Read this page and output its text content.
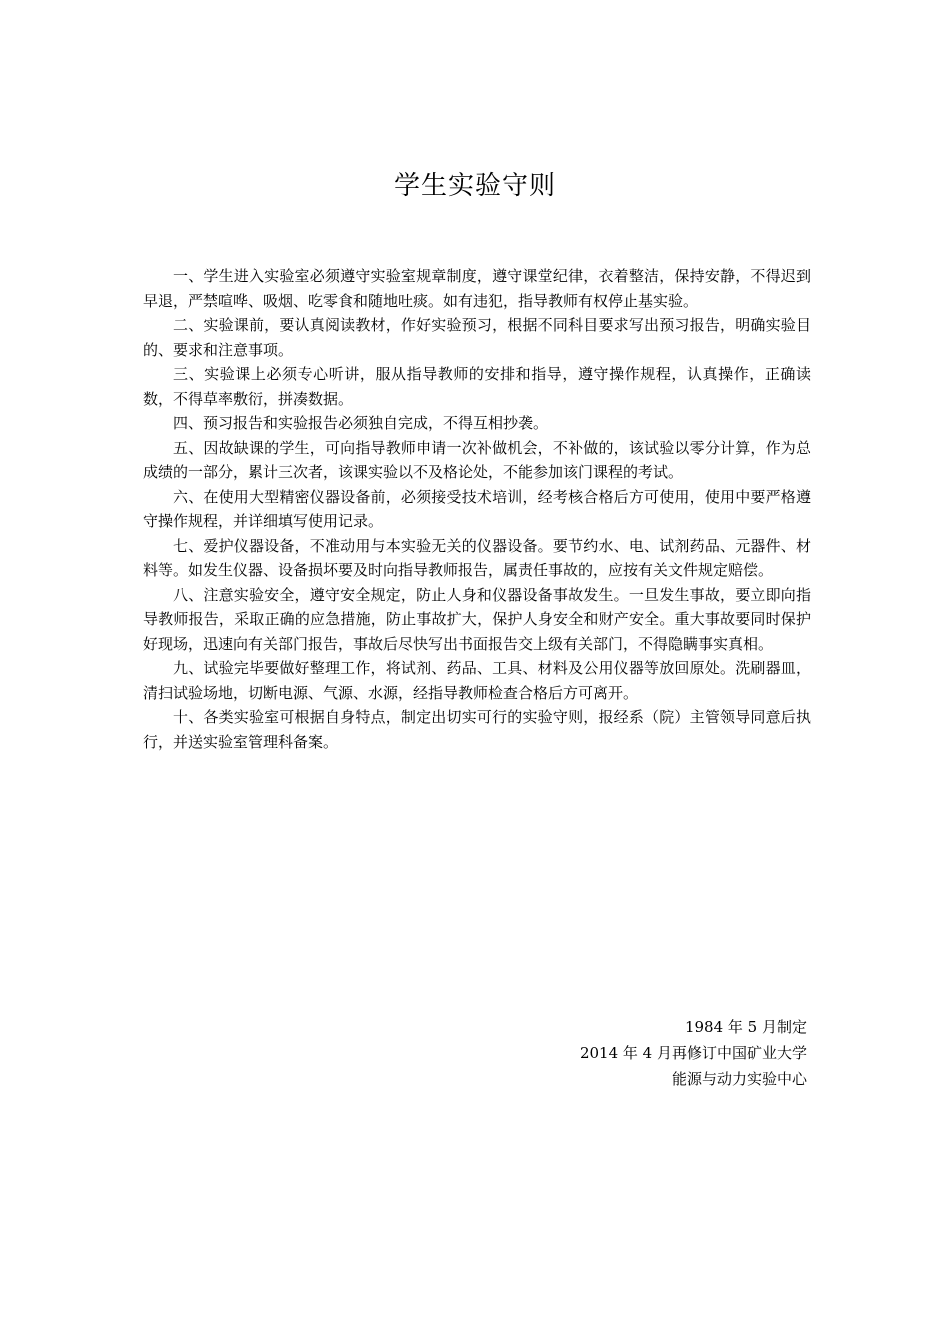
学生实验守则

一、学生进入实验室必须遵守实验室规章制度，遵守课堂纪律，衣着整洁，保持安静，不得迟到早退，严禁喧哗、吸烟、吃零食和随地吐痰。如有违犯，指导教师有权停止基实验。

二、实验课前，要认真阅读教材，作好实验预习，根据不同科目要求写出预习报告，明确实验目的、要求和注意事项。

三、实验课上必须专心听讲，服从指导教师的安排和指导，遵守操作规程，认真操作，正确读数，不得草率敷衍，拼凑数据。

四、预习报告和实验报告必须独自完成，不得互相抄袭。

五、因故缺课的学生，可向指导教师申请一次补做机会，不补做的，该试验以零分计算，作为总成绩的一部分，累计三次者，该课实验以不及格论处，不能参加该门课程的考试。

六、在使用大型精密仪器设备前，必须接受技术培训，经考核合格后方可使用，使用中要严格遵守操作规程，并详细填写使用记录。

七、爱护仪器设备，不准动用与本实验无关的仪器设备。要节约水、电、试剂药品、元器件、材料等。如发生仪器、设备损坏要及时向指导教师报告，属责任事故的，应按有关文件规定赔偿。

八、注意实验安全，遵守安全规定，防止人身和仪器设备事故发生。一旦发生事故，要立即向指导教师报告，采取正确的应急措施，防止事故扩大，保护人身安全和财产安全。重大事故要同时保护好现场，迅速向有关部门报告，事故后尽快写出书面报告交上级有关部门，不得隐瞒事实真相。

九、试验完毕要做好整理工作，将试剂、药品、工具、材料及公用仪器等放回原处。洗刷器皿，清扫试验场地，切断电源、气源、水源，经指导教师检查合格后方可离开。

十、各类实验室可根据自身特点，制定出切实可行的实验守则，报经系（院）主管领导同意后执行，并送实验室管理科备案。

1984 年 5 月制定
2014 年 4 月再修订中国矿业大学
能源与动力实验中心
